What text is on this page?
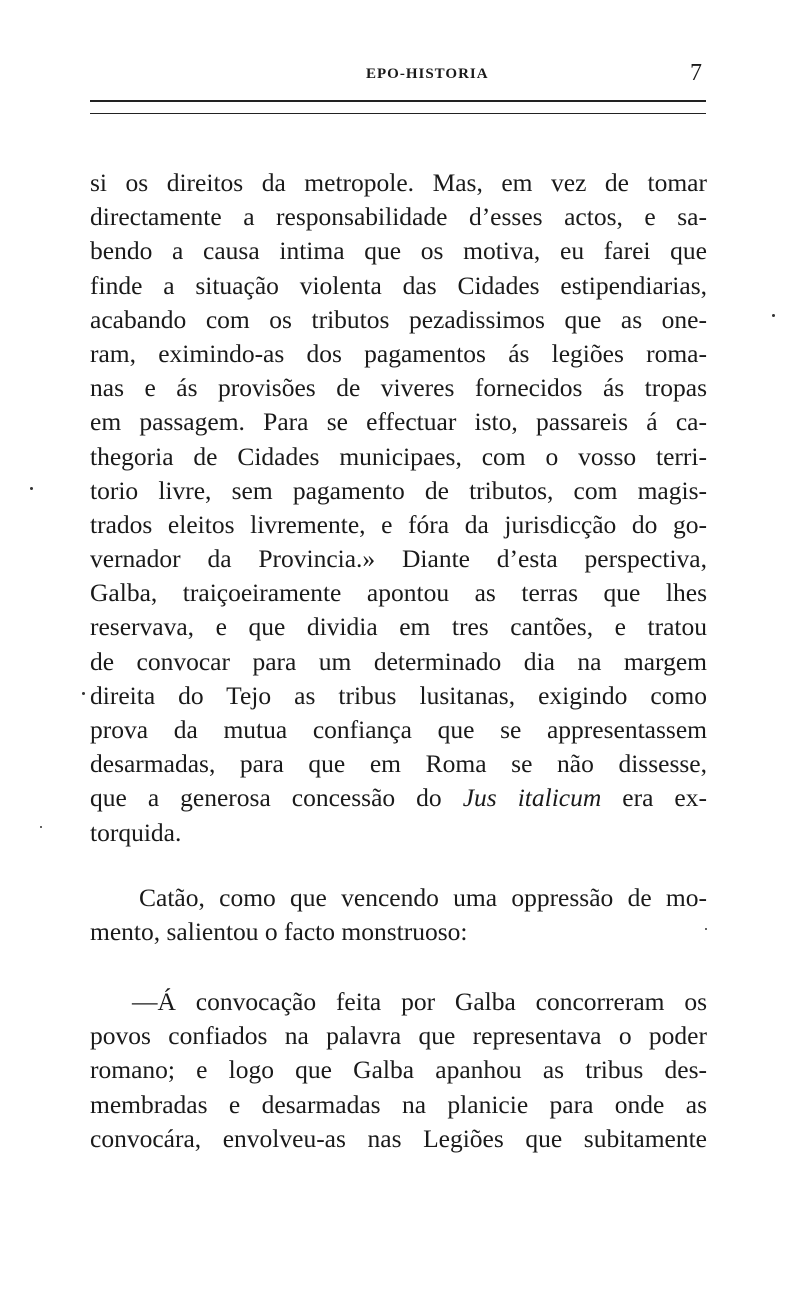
EPO-HISTORIA	7
si os direitos da metropole. Mas, em vez de tomar
directamente a responsabilidade d’esses actos, e sa-
bendo a causa intima que os motiva, eu farei que
finde a situação violenta das Cidades estipendiarias,
acabando com os tributos pezadissimos que as one-
ram, eximindo-as dos pagamentos ás legiões roma-
nas e ás provisões de viveres fornecidos ás tropas
em passagem. Para se effectuar isto, passareis á ca-
thegoria de Cidades municipaes, com o vosso terri-
torio livre, sem pagamento de tributos, com magis-
trados eleitos livremente, e fóra da jurisdicção do go-
vernador da Provincia.» Diante d’esta perspectiva,
Galba, traiçoeiramente apontou as terras que lhes
reservava, e que dividia em tres cantões, e tratou
de convocar para um determinado dia na margem
direita do Tejo as tribus lusitanas, exigindo como
prova da mutua confiança que se appresentassem
desarmadas, para que em Roma se não dissesse,
que a generosa concessão do Jus italicum era ex-
torquida.
Catão, como que vencendo uma oppressão de mo-
mento, salientou o facto monstruoso:
—Á convocação feita por Galba concorreram os
povos confiados na palavra que representava o poder
romano; e logo que Galba apanhou as tribus des-
membradas e desarmadas na planicie para onde as
convocára, envolveu-as nas Legiões que subitamente
